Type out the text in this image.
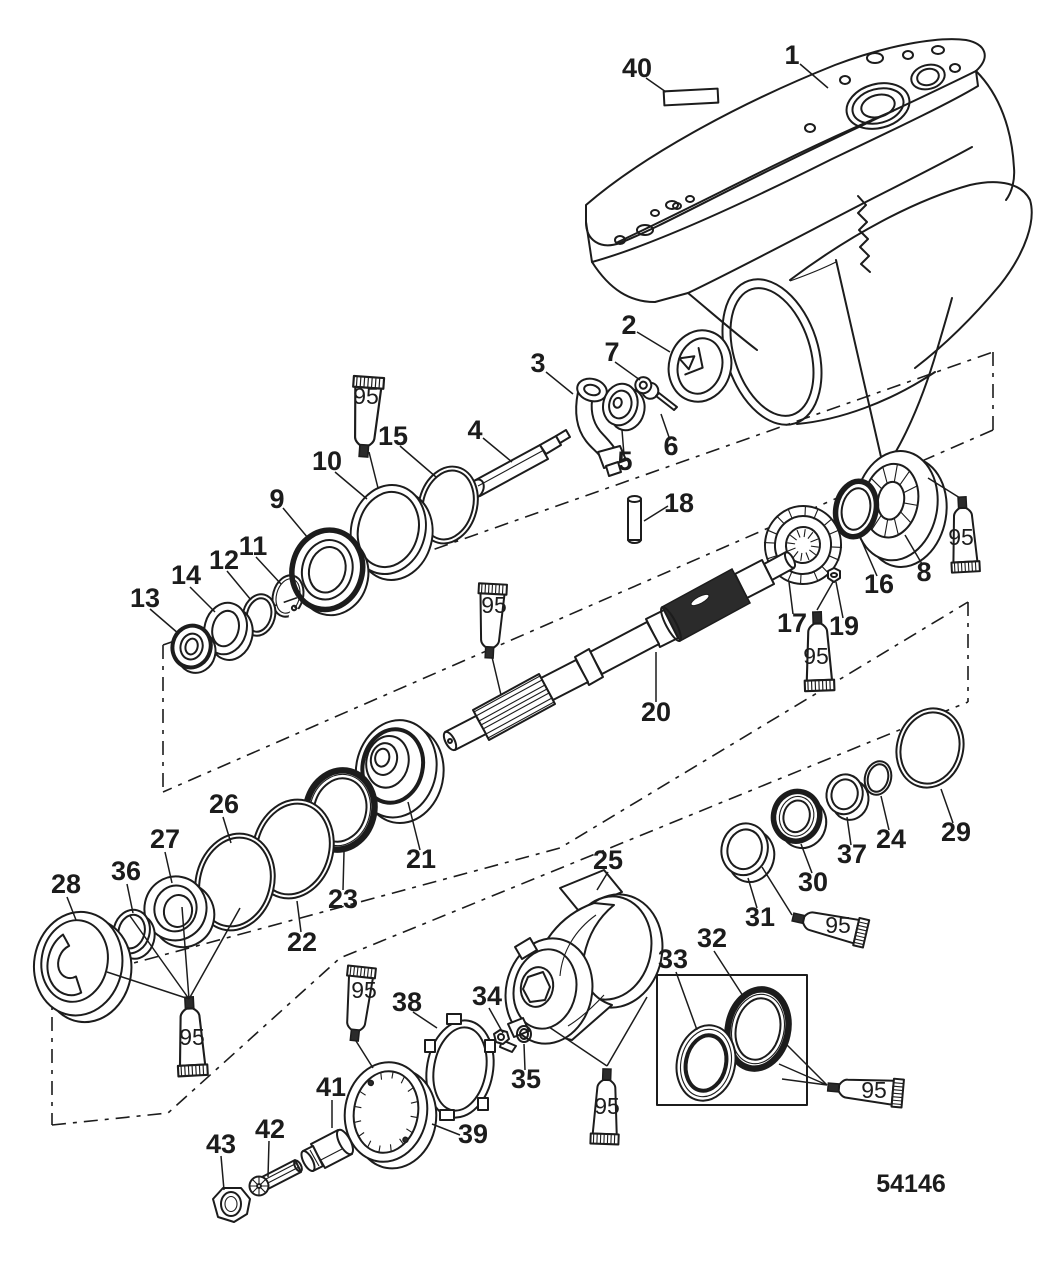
1
2
3
4
5 6
7
8
9
10
11
12
13
14
15
16
17
18
19
20
21
22
23
24
25
26
27
28
29
30
31
32
33
34
35
36
37
38
39
40
41
42
43
95
95
95
95
95
95
95
95
95
54146
